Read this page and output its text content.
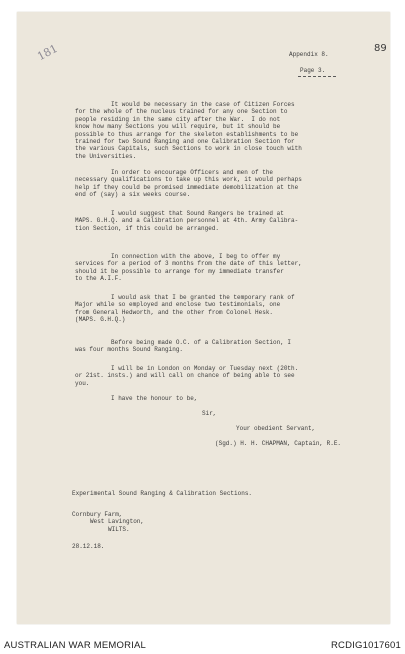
181	89
Appendix 8.
Page 3.
It would be necessary in the case of Citizen Forces
for the whole of the nucleus trained for any one Section to
people residing in the same city after the War.  I do not
know how many Sections you will require, but it should be
possible to thus arrange for the skeleton establishments to be
trained for two Sound Ranging and one Calibration Section for
the various Capitals, such Sections to work in close touch with
the Universities.
In order to encourage Officers and men of the
necessary qualifications to take up this work, it would perhaps
help if they could be promised immediate demobilization at the
end of (say) a six weeks course.
I would suggest that Sound Rangers be trained at
MAPS. G.H.Q. and a Calibration personnel at 4th. Army Calibra-
tion Section, if this could be arranged.
In connection with the above, I beg to offer my
services for a period of 3 months from the date of this letter,
should it be possible to arrange for my immediate transfer
to the A.I.F.
I would ask that I be granted the temporary rank of
Major while so employed and enclose two testimonials, one
from General Hedworth, and the other from Colonel Hesk.
(MAPS. G.H.Q.)
Before being made O.C. of a Calibration Section, I
was four months Sound Ranging.
I will be in London on Monday or Tuesday next (20th.
or 21st. insts.) and will call on chance of being able to see
you.
I have the honour to be,
Sir,
Your obedient Servant,
(Sgd.) H. H. CHAPMAN, Captain, R.E.
Experimental Sound Ranging & Calibration Sections.
Cornbury Farm,
West Lavington,
WILTS.
28.12.18.
AUSTRALIAN WAR MEMORIAL	RCDIG1017601
